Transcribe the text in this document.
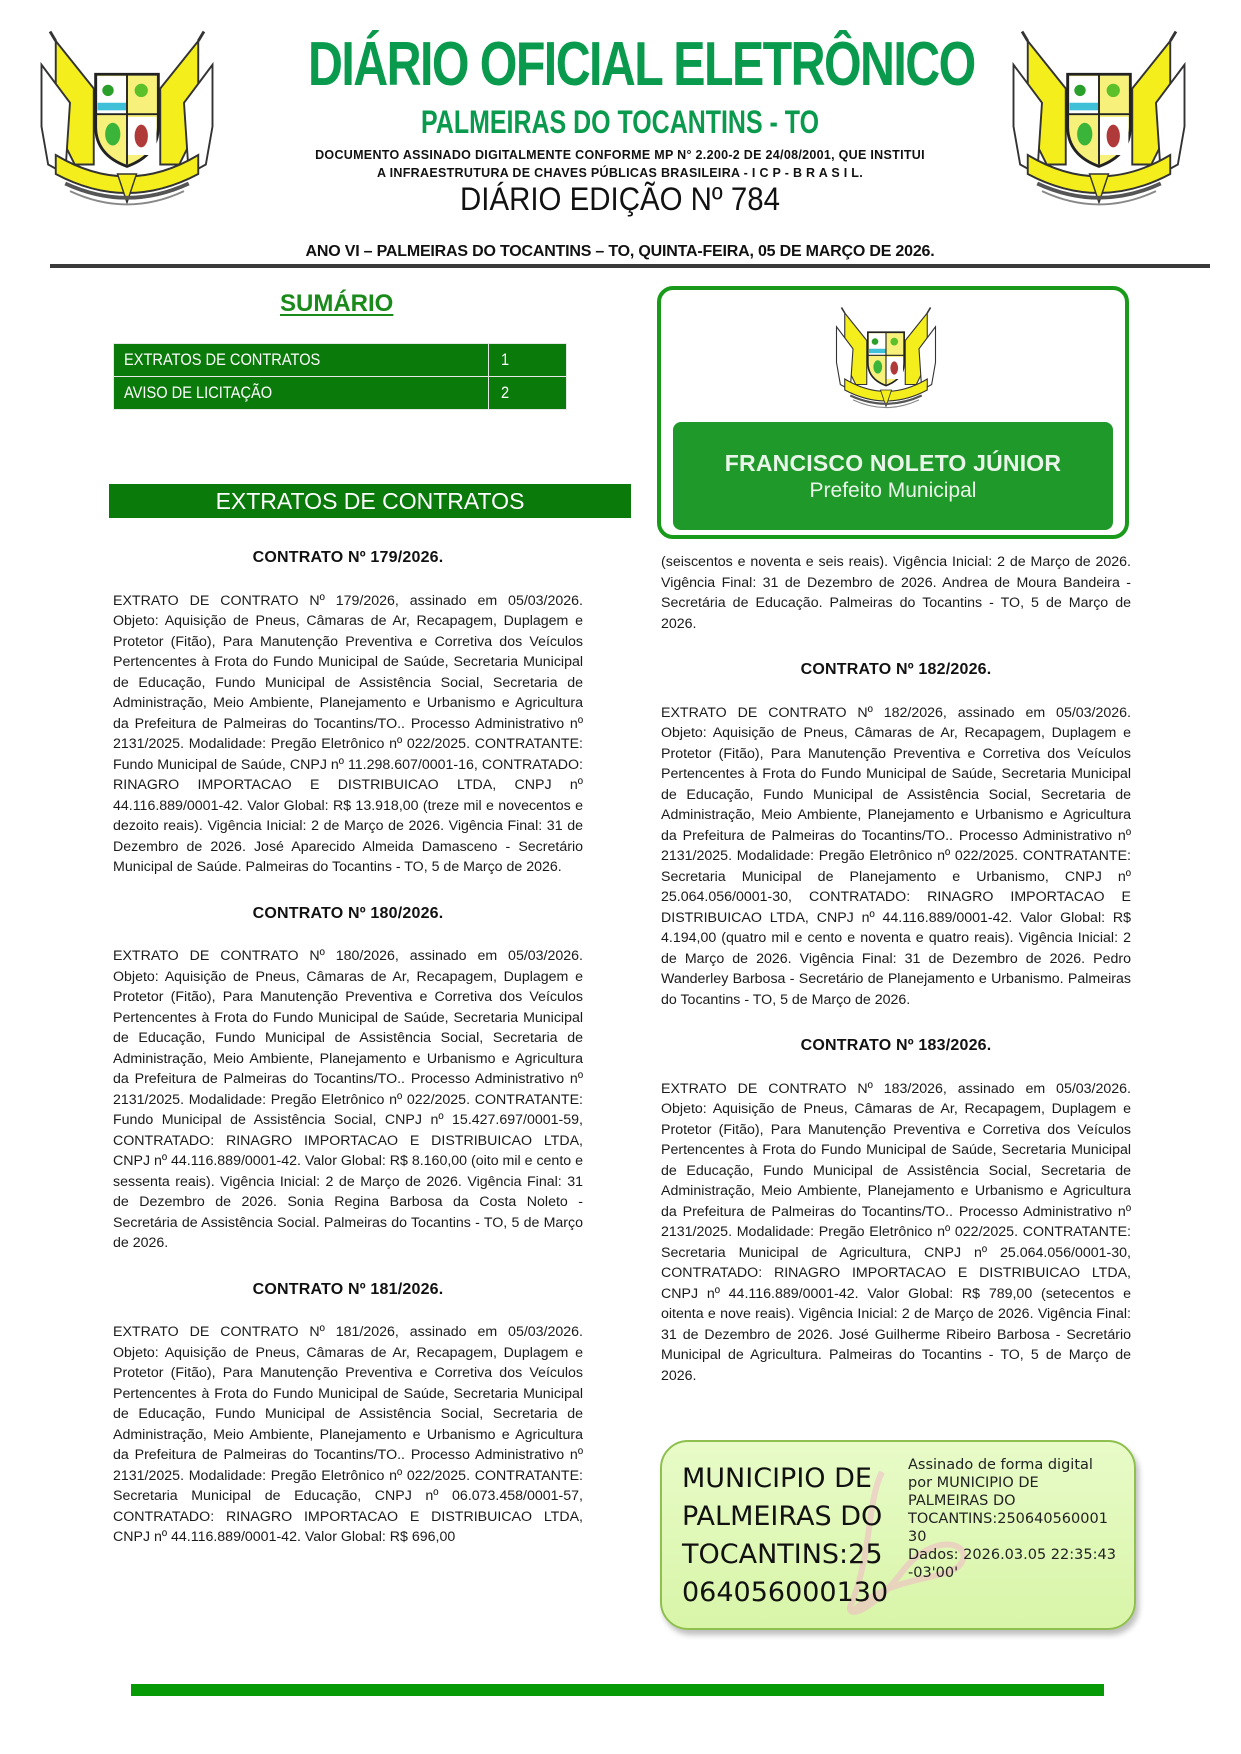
DIÁRIO OFICIAL ELETRÔNICO
PALMEIRAS DO TOCANTINS - TO
DOCUMENTO ASSINADO DIGITALMENTE CONFORME MP N° 2.200-2 DE 24/08/2001, QUE INSTITUI
A INFRAESTRUTURA DE CHAVES PÚBLICAS BRASILEIRA - I C P - B R A S I L.
DIÁRIO EDIÇÃO Nº 784
ANO VI – PALMEIRAS DO TOCANTINS – TO, QUINTA-FEIRA, 05 DE MARÇO DE 2026.
SUMÁRIO
EXTRATOS DE CONTRATOS	1
AVISO DE LICITAÇÃO	2
EXTRATOS DE CONTRATOS
FRANCISCO NOLETO JÚNIOR
Prefeito Municipal
CONTRATO Nº 179/2026.

EXTRATO DE CONTRATO Nº 179/2026, assinado em 05/03/2026. Objeto: Aquisição de Pneus, Câmaras de Ar, Recapagem, Duplagem e Protetor (Fitão), Para Manutenção Preventiva e Corretiva dos Veículos Pertencentes à Frota do Fundo Municipal de Saúde, Secretaria Municipal de Educação, Fundo Municipal de Assistência Social, Secretaria de Administração, Meio Ambiente, Planejamento e Urbanismo e Agricultura da Prefeitura de Palmeiras do Tocantins/TO.. Processo Administrativo nº 2131/2025. Modalidade: Pregão Eletrônico nº 022/2025. CONTRATANTE: Fundo Municipal de Saúde, CNPJ nº 11.298.607/0001-16, CONTRATADO: RINAGRO IMPORTACAO E DISTRIBUICAO LTDA, CNPJ nº 44.116.889/0001-42. Valor Global: R$ 13.918,00 (treze mil e novecentos e dezoito reais). Vigência Inicial: 2 de Março de 2026. Vigência Final: 31 de Dezembro de 2026. José Aparecido Almeida Damasceno - Secretário Municipal de Saúde. Palmeiras do Tocantins - TO, 5 de Março de 2026.

CONTRATO Nº 180/2026.

EXTRATO DE CONTRATO Nº 180/2026, assinado em 05/03/2026. Objeto: Aquisição de Pneus, Câmaras de Ar, Recapagem, Duplagem e Protetor (Fitão), Para Manutenção Preventiva e Corretiva dos Veículos Pertencentes à Frota do Fundo Municipal de Saúde, Secretaria Municipal de Educação, Fundo Municipal de Assistência Social, Secretaria de Administração, Meio Ambiente, Planejamento e Urbanismo e Agricultura da Prefeitura de Palmeiras do Tocantins/TO.. Processo Administrativo nº 2131/2025. Modalidade: Pregão Eletrônico nº 022/2025. CONTRATANTE: Fundo Municipal de Assistência Social, CNPJ nº 15.427.697/0001-59, CONTRATADO: RINAGRO IMPORTACAO E DISTRIBUICAO LTDA, CNPJ nº 44.116.889/0001-42. Valor Global: R$ 8.160,00 (oito mil e cento e sessenta reais). Vigência Inicial: 2 de Março de 2026. Vigência Final: 31 de Dezembro de 2026. Sonia Regina Barbosa da Costa Noleto - Secretária de Assistência Social. Palmeiras do Tocantins - TO, 5 de Março de 2026.

CONTRATO Nº 181/2026.

EXTRATO DE CONTRATO Nº 181/2026, assinado em 05/03/2026. Objeto: Aquisição de Pneus, Câmaras de Ar, Recapagem, Duplagem e Protetor (Fitão), Para Manutenção Preventiva e Corretiva dos Veículos Pertencentes à Frota do Fundo Municipal de Saúde, Secretaria Municipal de Educação, Fundo Municipal de Assistência Social, Secretaria de Administração, Meio Ambiente, Planejamento e Urbanismo e Agricultura da Prefeitura de Palmeiras do Tocantins/TO.. Processo Administrativo nº 2131/2025. Modalidade: Pregão Eletrônico nº 022/2025. CONTRATANTE: Secretaria Municipal de Educação, CNPJ nº 06.073.458/0001-57, CONTRATADO: RINAGRO IMPORTACAO E DISTRIBUICAO LTDA, CNPJ nº 44.116.889/0001-42. Valor Global: R$ 696,00

(seiscentos e noventa e seis reais). Vigência Inicial: 2 de Março de 2026. Vigência Final: 31 de Dezembro de 2026. Andrea de Moura Bandeira - Secretária de Educação. Palmeiras do Tocantins - TO, 5 de Março de 2026.

CONTRATO Nº 182/2026.

EXTRATO DE CONTRATO Nº 182/2026, assinado em 05/03/2026. Objeto: Aquisição de Pneus, Câmaras de Ar, Recapagem, Duplagem e Protetor (Fitão), Para Manutenção Preventiva e Corretiva dos Veículos Pertencentes à Frota do Fundo Municipal de Saúde, Secretaria Municipal de Educação, Fundo Municipal de Assistência Social, Secretaria de Administração, Meio Ambiente, Planejamento e Urbanismo e Agricultura da Prefeitura de Palmeiras do Tocantins/TO.. Processo Administrativo nº 2131/2025. Modalidade: Pregão Eletrônico nº 022/2025. CONTRATANTE: Secretaria Municipal de Planejamento e Urbanismo, CNPJ nº 25.064.056/0001-30, CONTRATADO: RINAGRO IMPORTACAO E DISTRIBUICAO LTDA, CNPJ nº 44.116.889/0001-42. Valor Global: R$ 4.194,00 (quatro mil e cento e noventa e quatro reais). Vigência Inicial: 2 de Março de 2026. Vigência Final: 31 de Dezembro de 2026. Pedro Wanderley Barbosa - Secretário de Planejamento e Urbanismo. Palmeiras do Tocantins - TO, 5 de Março de 2026.

CONTRATO Nº 183/2026.

EXTRATO DE CONTRATO Nº 183/2026, assinado em 05/03/2026. Objeto: Aquisição de Pneus, Câmaras de Ar, Recapagem, Duplagem e Protetor (Fitão), Para Manutenção Preventiva e Corretiva dos Veículos Pertencentes à Frota do Fundo Municipal de Saúde, Secretaria Municipal de Educação, Fundo Municipal de Assistência Social, Secretaria de Administração, Meio Ambiente, Planejamento e Urbanismo e Agricultura da Prefeitura de Palmeiras do Tocantins/TO.. Processo Administrativo nº 2131/2025. Modalidade: Pregão Eletrônico nº 022/2025. CONTRATANTE: Secretaria Municipal de Agricultura, CNPJ nº 25.064.056/0001-30, CONTRATADO: RINAGRO IMPORTACAO E DISTRIBUICAO LTDA, CNPJ nº 44.116.889/0001-42. Valor Global: R$ 789,00 (setecentos e oitenta e nove reais). Vigência Inicial: 2 de Março de 2026. Vigência Final: 31 de Dezembro de 2026. José Guilherme Ribeiro Barbosa - Secretário Municipal de Agricultura. Palmeiras do Tocantins - TO, 5 de Março de 2026.

MUNICIPIO DE PALMEIRAS DO TOCANTINS:25 064056000130
Assinado de forma digital
por MUNICIPIO DE
PALMEIRAS DO
TOCANTINS:250640560001
30
Dados: 2026.03.05 22:35:43
-03'00'
